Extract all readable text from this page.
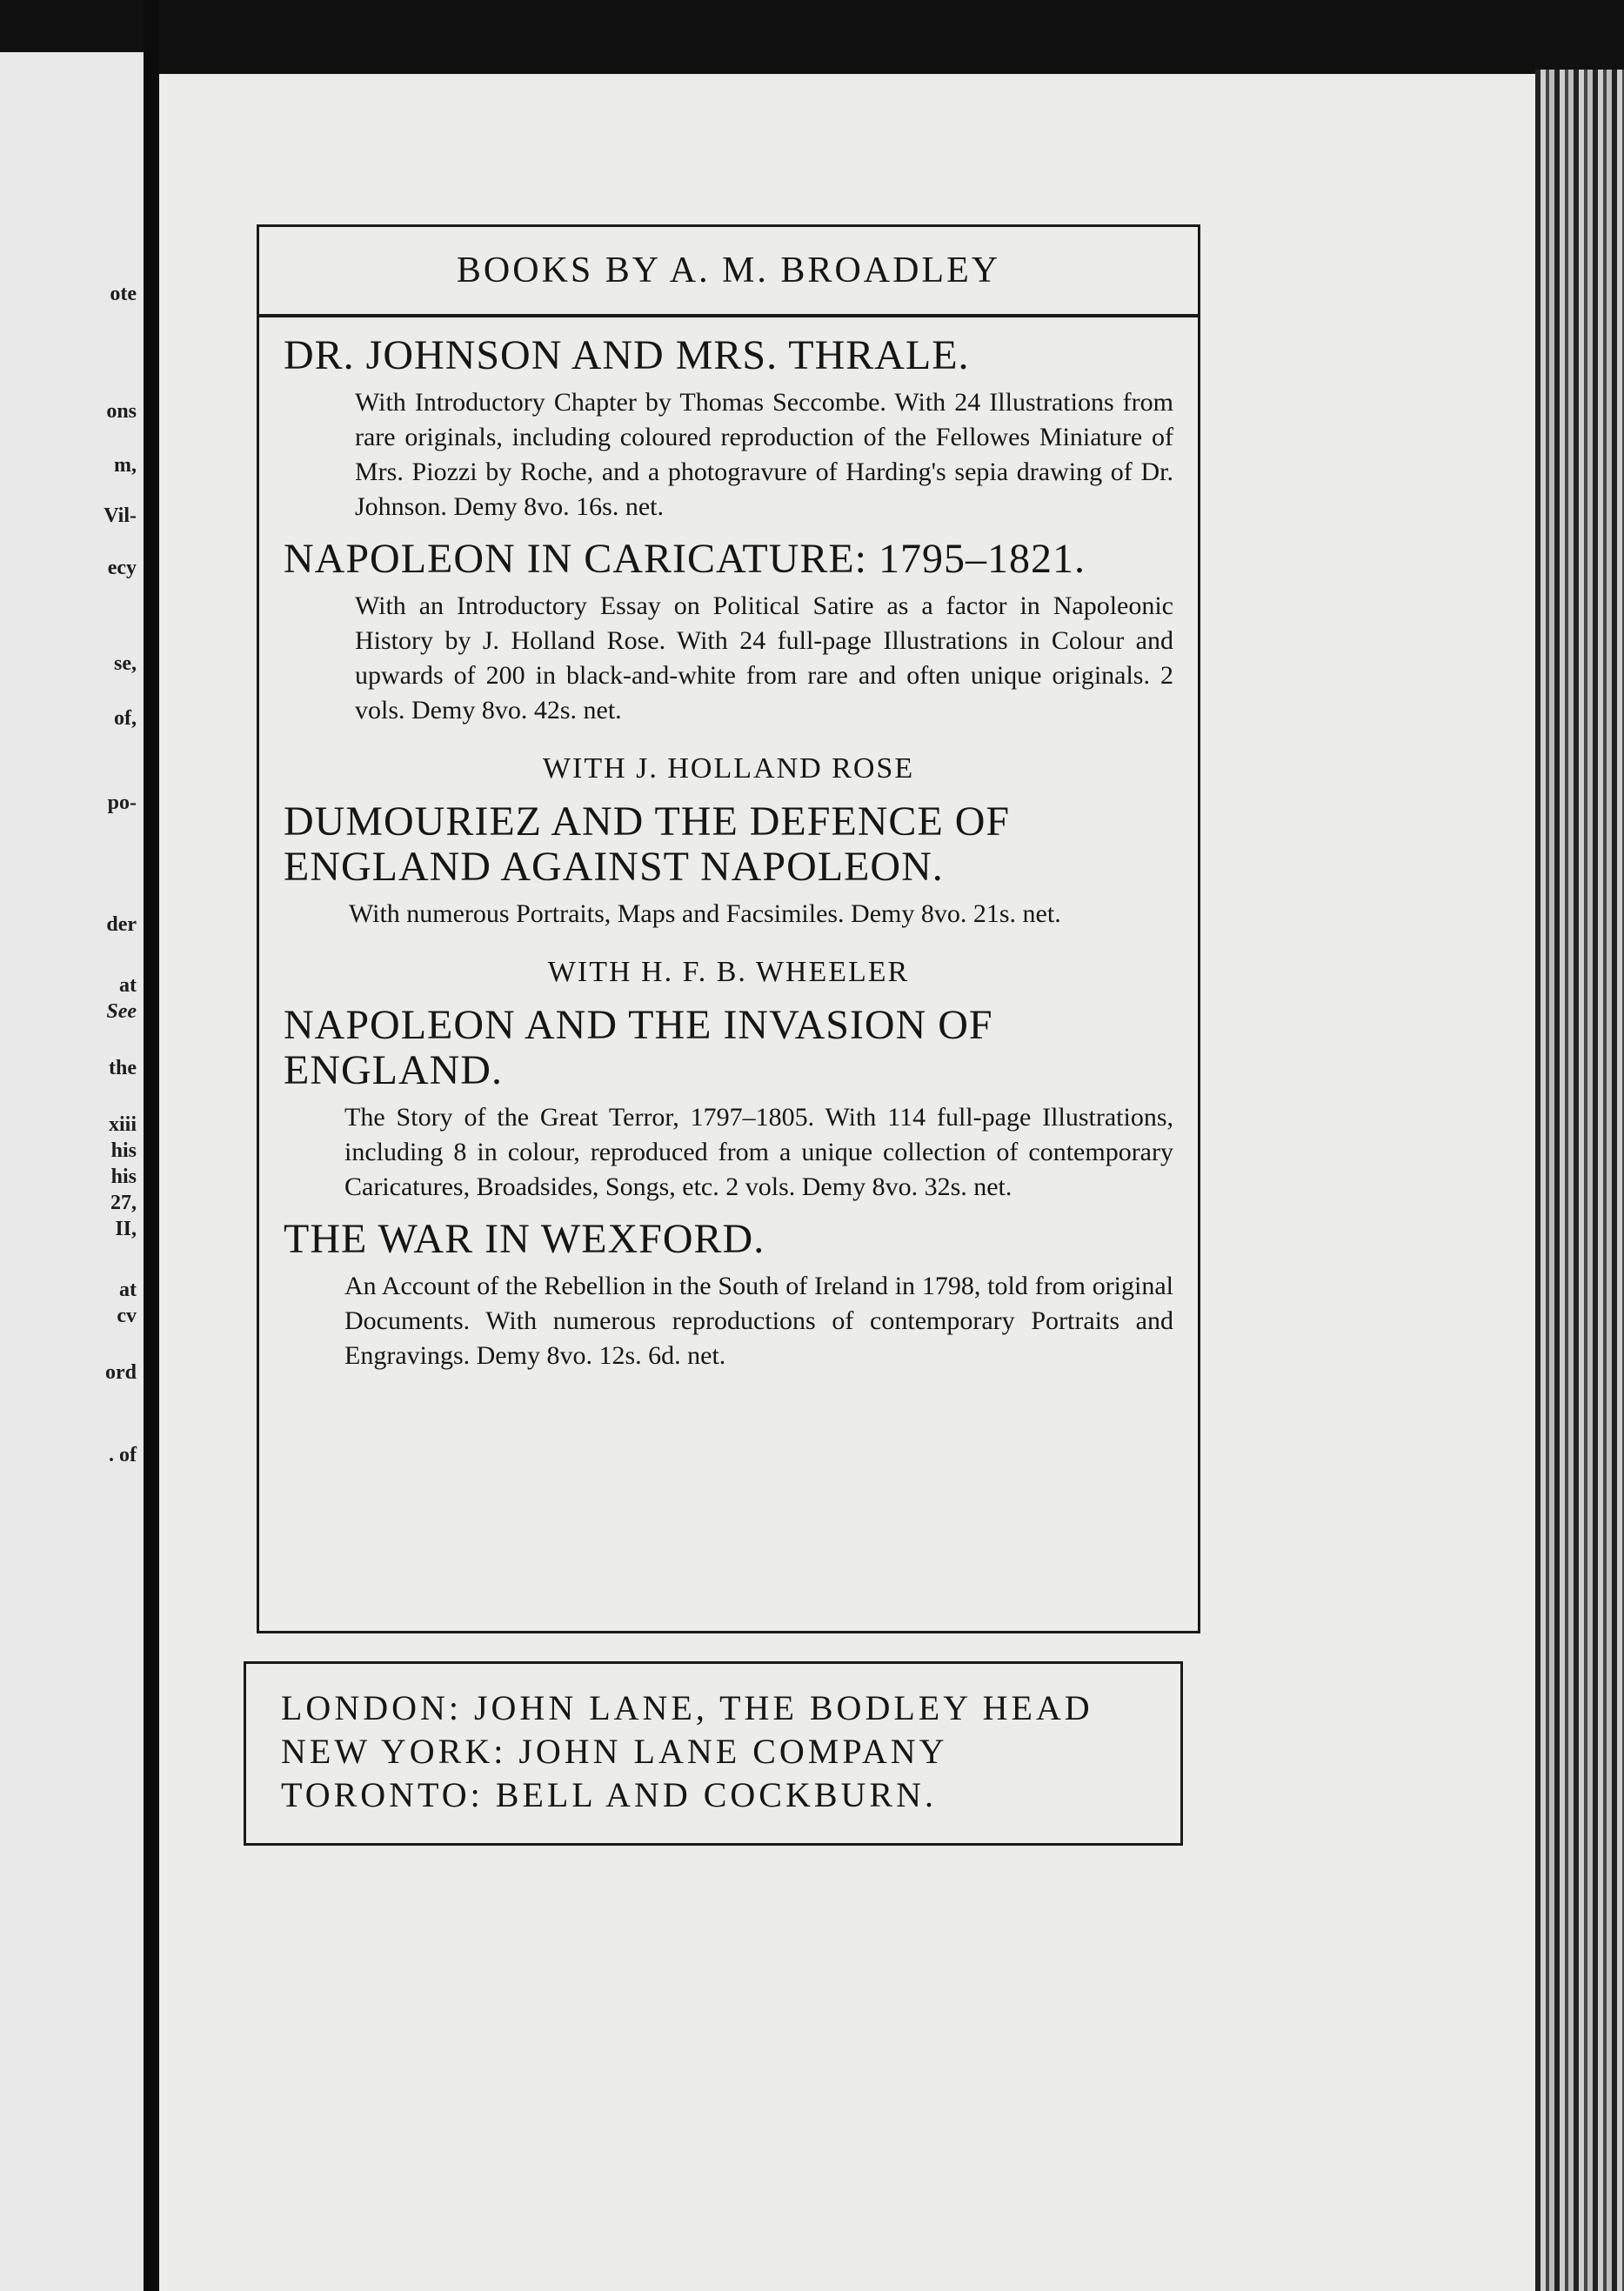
ote
ons
m,
Vil-
ecy
se,
of,
po-
der
at
See
the
xiii
his
his
27,
II,
at
cv
ord
. of
BOOKS BY A. M. BROADLEY
DR. JOHNSON AND MRS. THRALE.
With Introductory Chapter by Thomas Seccombe. With 24 Illustrations from rare originals, including coloured reproduction of the Fellowes Miniature of Mrs. Piozzi by Roche, and a photogravure of Harding's sepia drawing of Dr. Johnson. Demy 8vo. 16s. net.
NAPOLEON IN CARICATURE: 1795–1821.
With an Introductory Essay on Political Satire as a factor in Napoleonic History by J. Holland Rose. With 24 full-page Illustrations in Colour and upwards of 200 in black-and-white from rare and often unique originals. 2 vols. Demy 8vo. 42s. net.
WITH J. HOLLAND ROSE
DUMOURIEZ AND THE DEFENCE OF ENGLAND AGAINST NAPOLEON.
With numerous Portraits, Maps and Facsimiles. Demy 8vo. 21s. net.
WITH H. F. B. WHEELER
NAPOLEON AND THE INVASION OF ENGLAND.
The Story of the Great Terror, 1797–1805. With 114 full-page Illustrations, including 8 in colour, reproduced from a unique collection of contemporary Caricatures, Broadsides, Songs, etc. 2 vols. Demy 8vo. 32s. net.
THE WAR IN WEXFORD.
An Account of the Rebellion in the South of Ireland in 1798, told from original Documents. With numerous reproductions of contemporary Portraits and Engravings. Demy 8vo. 12s. 6d. net.
LONDON: JOHN LANE, THE BODLEY HEAD
NEW YORK: JOHN LANE COMPANY
TORONTO: BELL AND COCKBURN.
